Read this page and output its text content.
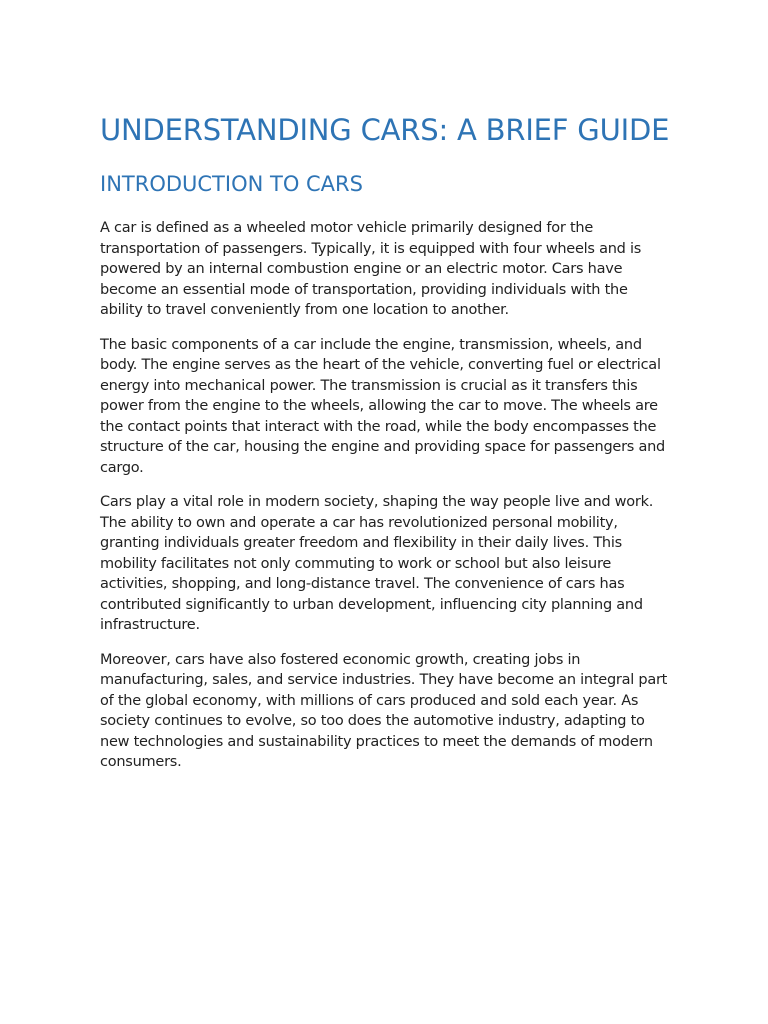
UNDERSTANDING CARS: A BRIEF GUIDE
INTRODUCTION TO CARS

A car is defined as a wheeled motor vehicle primarily designed for the transportation of passengers. Typically, it is equipped with four wheels and is powered by an internal combustion engine or an electric motor. Cars have become an essential mode of transportation, providing individuals with the ability to travel conveniently from one location to another.

The basic components of a car include the engine, transmission, wheels, and body. The engine serves as the heart of the vehicle, converting fuel or electrical energy into mechanical power. The transmission is crucial as it transfers this power from the engine to the wheels, allowing the car to move. The wheels are the contact points that interact with the road, while the body encompasses the structure of the car, housing the engine and providing space for passengers and cargo.

Cars play a vital role in modern society, shaping the way people live and work. The ability to own and operate a car has revolutionized personal mobility, granting individuals greater freedom and flexibility in their daily lives. This mobility facilitates not only commuting to work or school but also leisure activities, shopping, and long-distance travel. The convenience of cars has contributed significantly to urban development, influencing city planning and infrastructure.

Moreover, cars have also fostered economic growth, creating jobs in manufacturing, sales, and service industries. They have become an integral part of the global economy, with millions of cars produced and sold each year. As society continues to evolve, so too does the automotive industry, adapting to new technologies and sustainability practices to meet the demands of modern consumers.
